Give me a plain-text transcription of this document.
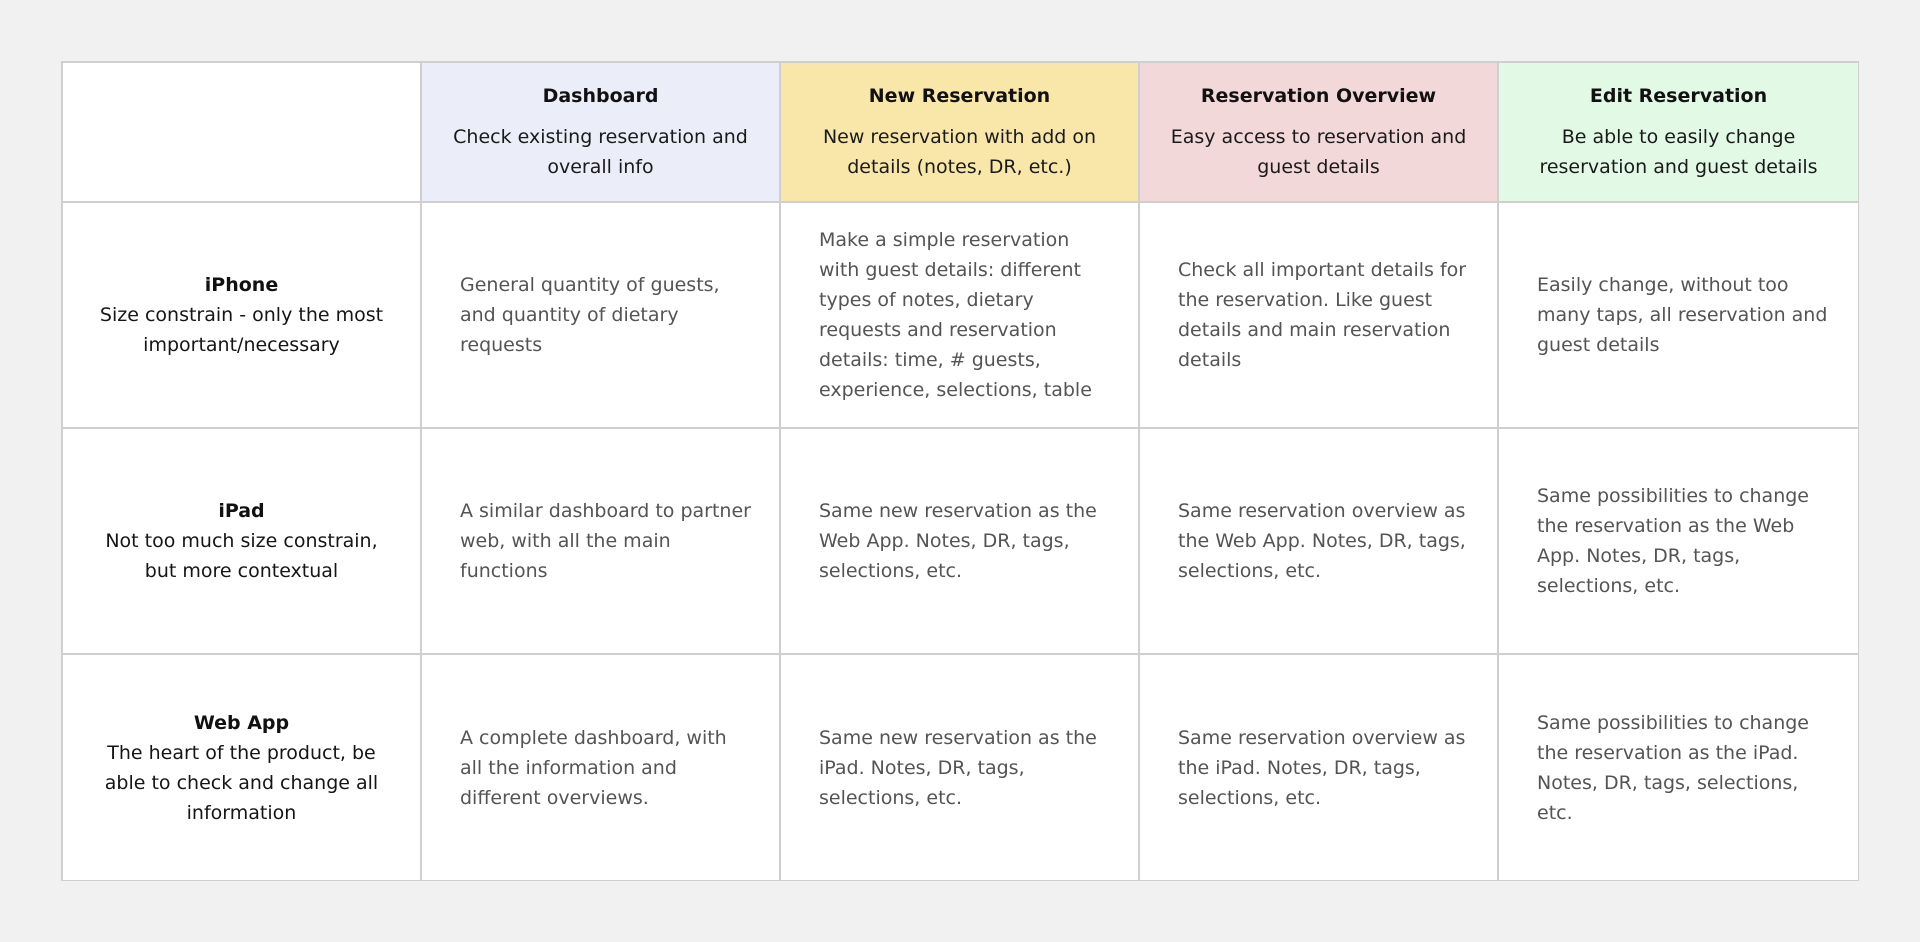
Dashboard
Check existing reservation and overall info
New Reservation
New reservation with add on details (notes, DR, etc.)
Reservation Overview
Easy access to reservation and guest details
Edit Reservation
Be able to easily change reservation and guest details
iPhone
Size constrain - only the most important/necessary
General quantity of guests, and quantity of dietary requests
Make a simple reservation with guest details: different types of notes, dietary requests and reservation details: time, # guests, experience, selections, table
Check all important details for the reservation. Like guest details and main reservation details
Easily change, without too many taps, all reservation and guest details
iPad
Not too much size constrain, but more contextual
A similar dashboard to partner web, with all the main functions
Same new reservation as the Web App. Notes, DR, tags, selections, etc.
Same reservation overview as the Web App. Notes, DR, tags, selections, etc.
Same possibilities to change the reservation as the Web App. Notes, DR, tags, selections, etc.
Web App
The heart of the product, be able to check and change all information
A complete dashboard, with all the information and different overviews.
Same new reservation as the iPad. Notes, DR, tags, selections, etc.
Same reservation overview as the iPad. Notes, DR, tags, selections, etc.
Same possibilities to change the reservation as the iPad. Notes, DR, tags, selections, etc.
